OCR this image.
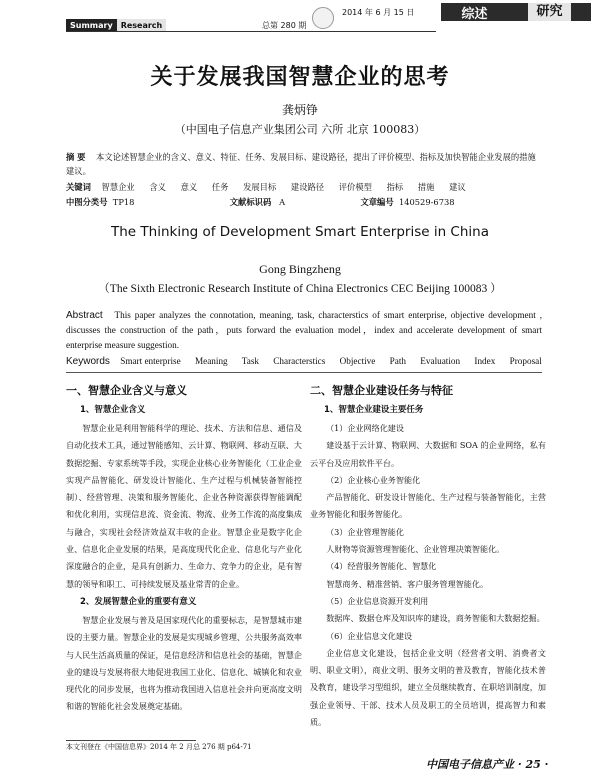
Summary	Research	总第 280 期
2014 年 6 月 15 日	综述	研究
关于发展我国智慧企业的思考
龚炳铮
（中国电子信息产业集团公司 六所 北京 100083）
摘 要 本文论述智慧企业的含义、意义、特征、任务、发展目标、建设路径，提出了评价模型、指标及加快智能企业发展的措施建议。
关键词 智慧企业 含义 意义 任务 发展目标 建设路径 评价模型 指标 措施 建议
中图分类号 TP18	文献标识码 A	文章编号 140529-6738
The Thinking of Development Smart Enterprise in China
Gong Bingzheng
（The Sixth Electronic Research Institute of China Electronics CEC Beijing 100083 ）
Abstract This paper analyzes the connotation, meaning, task, characterstics of smart enterprise, objective development , discusses the construction of the path，puts forward the evaluation model，index and accelerate development of smart enterprise measure suggestion.
Keywords Smart enterprise Meaning Task Characterstics Objective Path Evaluation Index Proposal
一、智慧企业含义与意义
1、智慧企业含义

智慧企业是利用智能科学的理论、技术、方法和信息、通信及自动化技术工具，通过智能感知、云计算、物联网、移动互联、大数据挖掘、专家系统等手段，实现企业核心业务智能化（工业企业实现产品智能化、研发设计智能化、生产过程与机械装备智能控制）、经营管理、决策和服务智能化、企业各种资源获得智能调配和优化利用，实现信息流、资金流、物流、业务工作流的高度集成与融合，实现社会经济效益双丰收的企业。智慧企业是数字化企业、信息化企业发展的结果，是高度现代化企业、信息化与产业化深度融合的企业，是具有创新力、生命力、竞争力的企业，是有智慧的领导和职工、可持续发展及基业常青的企业。

2、发展智慧企业的重要有意义

智慧企业发展与普及是国家现代化的重要标志，是智慧城市建设的主要力量。智慧企业的发展是实现城乡管理、公共服务高效率与人民生活高质量的保证，是信息经济和信息社会的基础，智慧企业的建设与发展将很大地促进我国工业化、信息化、城镇化和农业现代化的同步发展，也将为推动我国进入信息社会并向更高度文明和谐的智能化社会发展奠定基础。

二、智慧企业建设任务与特征
1、智慧企业建设主要任务
（1）企业网络化建设
建设基于云计算、物联网、大数据和 SOA 的企业网络，私有云平台及应用软件平台。
（2）企业核心业务智能化
产品智能化、研发设计智能化、生产过程与装备智能化，主营业务智能化和服务智能化。
（3）企业管理智能化
人财物等资源管理智能化、企业管理决策智能化。
（4）经营服务智能化、智慧化
智慧商务、精准营销、客户服务管理智能化。
（5）企业信息资源开发利用
数据库、数据仓库及知识库的建设，商务智能和大数据挖掘。
（6）企业信息文化建设
企业信息文化建设，包括企业文明（经营者文明、消费者文明、职业文明），商业文明、服务文明的普及教育，智能化技术普及教育，建设学习型组织，建立全员继续教育、在职培训制度，加强企业领导、干部、技术人员及职工的全员培训，提高智力和素质。
本文刊登在《中国信息界》2014 年 2 月总 276 期 p64-71
中国电子信息产业 · 25 ·
